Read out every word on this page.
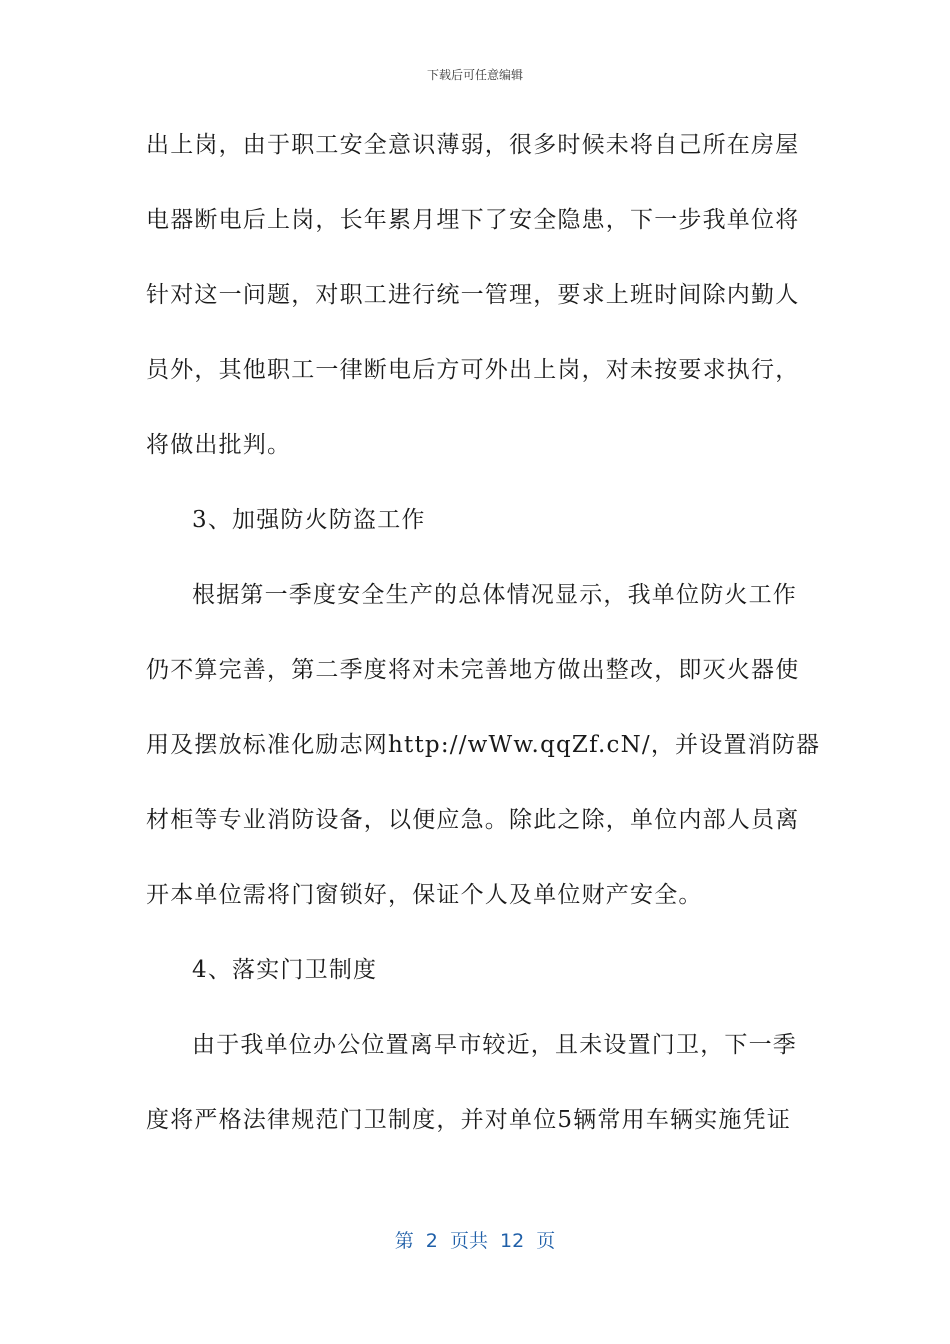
下载后可任意编辑
出上岗，由于职工安全意识薄弱，很多时候未将自己所在房屋
电器断电后上岗，长年累月埋下了安全隐患，下一步我单位将
针对这一问题，对职工进行统一管理，要求上班时间除内勤人
员外，其他职工一律断电后方可外出上岗，对未按要求执行，
将做出批判。
3、加强防火防盗工作
根据第一季度安全生产的总体情况显示，我单位防火工作
仍不算完善，第二季度将对未完善地方做出整改，即灭火器使
用及摆放标准化励志网http://wWw.qqZf.cN/，并设置消防器
材柜等专业消防设备，以便应急。除此之除，单位内部人员离
开本单位需将门窗锁好，保证个人及单位财产安全。
4、落实门卫制度
由于我单位办公位置离早市较近，且未设置门卫，下一季
度将严格法律规范门卫制度，并对单位5辆常用车辆实施凭证
第  2  页共  12  页
